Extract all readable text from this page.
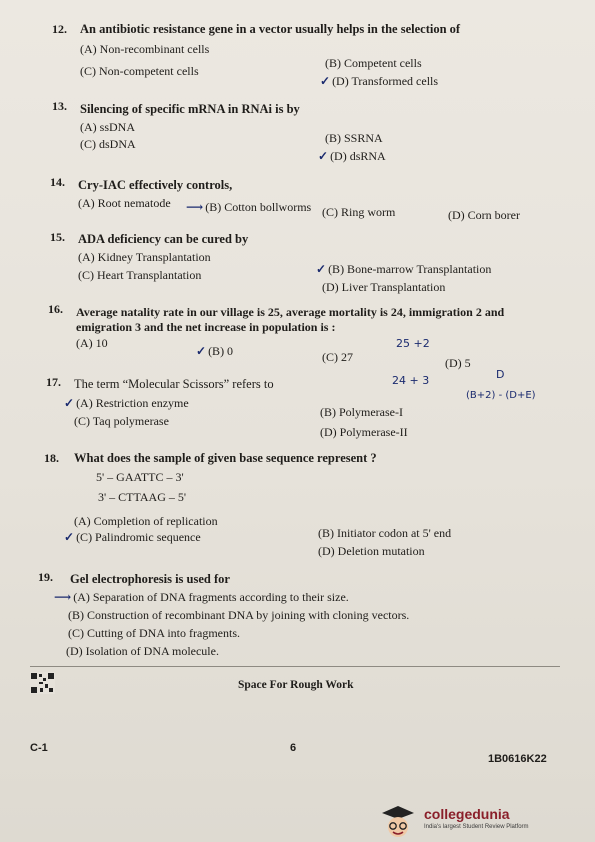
12. An antibiotic resistance gene in a vector usually helps in the selection of
(A) Non-recombinant cells
(B) Competent cells
(C) Non-competent cells
✓ (D) Transformed cells
13. Silencing of specific mRNA in RNAi is by
(A) ssDNA
(B) SSRNA
(C) dsDNA
✓ (D) dsRNA
14. Cry-IAC effectively controls,
(A) Root nematode ⟶ (B) Cotton bollworms (C) Ring worm	(D) Corn borer
15. ADA deficiency can be cured by
(A) Kidney Transplantation
✓ (B) Bone-marrow Transplantation
(C) Heart Transplantation
(D) Liver Transplantation
16. Average natality rate in our village is 25, average mortality is 24, immigration 2 and
emigration 3 and the net increase in population is :
(A) 10
✓ (B) 0	(C) 27	(D) 5
25 +2
24 + 3	D
(B+2) - (D+E)
17. The term “Molecular Scissors” refers to
✓ (A) Restriction enzyme
(B) Polymerase-I
(C) Taq polymerase
(D) Polymerase-II
18. What does the sample of given base sequence represent ?
5' – GAATTC – 3'
3' – CTTAAG – 5'
(A) Completion of replication
(B) Initiator codon at 5' end
✓ (C) Palindromic sequence
(D) Deletion mutation
19. Gel electrophoresis is used for
⟶ (A) Separation of DNA fragments according to their size.
(B) Construction of recombinant DNA by joining with cloning vectors.
(C) Cutting of DNA into fragments.
(D) Isolation of DNA molecule.
Space For Rough Work
C-1	6
1B0616K22
collegedunia
India's largest Student Review Platform
